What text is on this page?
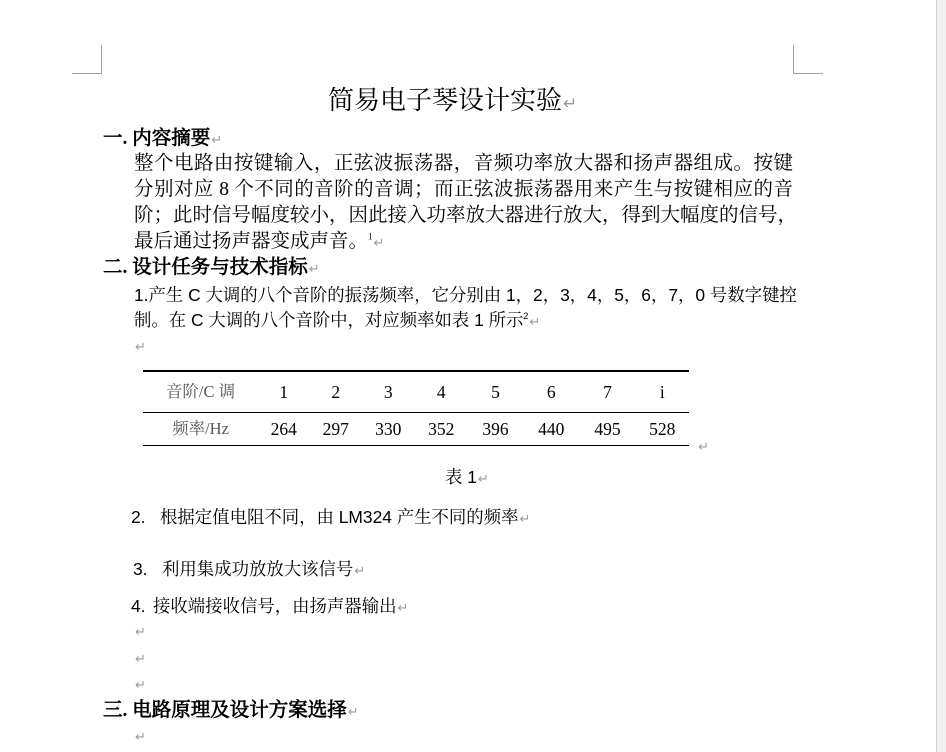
简易电子琴设计实验↵
一. 内容摘要↵
整个电路由按键输入，正弦波振荡器，音频功率放大器和扬声器组成。按键
分别对应 8 个不同的音阶的音调；而正弦波振荡器用来产生与按键相应的音
阶；此时信号幅度较小，因此接入功率放大器进行放大，得到大幅度的信号，
最后通过扬声器变成声音。$^1$↵
二. 设计任务与技术指标↵
1.产生 C 大调的八个音阶的振荡频率，它分别由 1，2，3，4，5，6，7，0 号数字键控
制。在 C 大调的八个音阶中，对应频率如表 1 所示$^2$↵
↵
音阶/C 调	1	2	3	4	5	6	7	i
频率/Hz	264	297	330	352	396	440	495	528
↵
表 1↵
2. 根据定值电阻不同，由 LM324 产生不同的频率↵
3. 利用集成功放放大该信号↵
4. 接收端接收信号，由扬声器输出↵
↵
↵
↵
三. 电路原理及设计方案选择↵
↵
